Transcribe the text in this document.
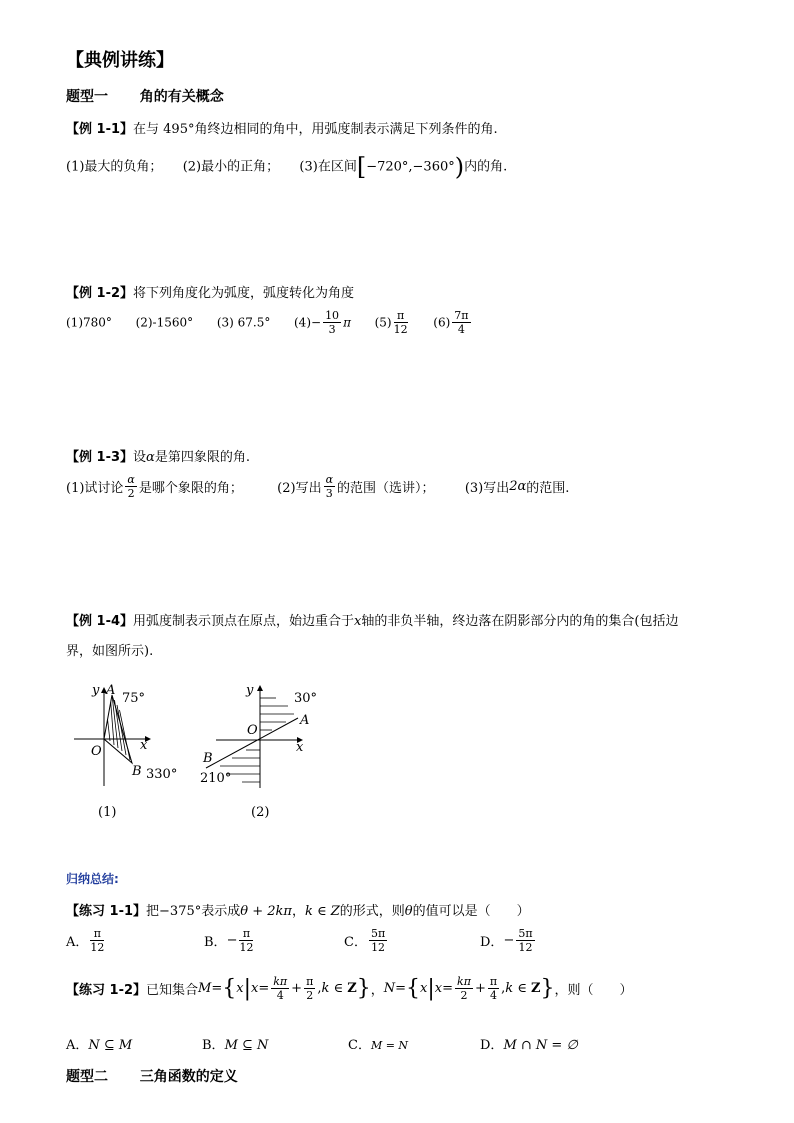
【典例讲练】
题型一 角的有关概念
【例 1-1】在与 495°角终边相同的角中，用弧度制表示满足下列条件的角.
(1)最大的负角； (2)最小的正角； (3)在区间[−720°,−360°)内的角.
【例 1-2】将下列角度化为弧度，弧度转化为角度
(1)780° (2)-1560° (3) 67.5° $(4)- \frac{10}{3}$ π $(5) \frac{\pi}{12} (6) \frac{7\pi}{4}$
【例 1-3】设α是第四象限的角.
(1)试讨论 $\frac{\alpha}{2}$ 是哪个象限的角；	(2)写出 $\frac{\alpha}{3}$ 的范围（选讲）； (3)写出2α的范围.
【例 1-4】用弧度制表示顶点在原点，始边重合于x轴的非负半轴，终边落在阴影部分内的角的集合(包括边
界，如图所示).
y A
75°
O	x
B 330°
(1)
y
30°
A
O
x
B
210°
(2)
归纳总结:
【练习 1-1】把−375°表示成θ + 2kπ，k ∈ Z的形式，则θ的值可以是（　　）
A． $\frac{\pi}{12}$	B．− $\frac{\pi}{12}$	C． $\frac{5\pi}{12}$	D．− $\frac{5\pi}{12}$
【练习 1-2】已知集合$M=\{x|x= \frac{k\pi}{4} + \frac{\pi}{2} ,k$ ∈ Z}，$N=\{x|x= \frac{k\pi}{2} + \frac{\pi}{4} ,k$ ∈ Z}，则（　　）
A．N ⊆ M	B．M ⊆ N	C．M = N	D．M ∩ N = ∅
题型二 三角函数的定义
